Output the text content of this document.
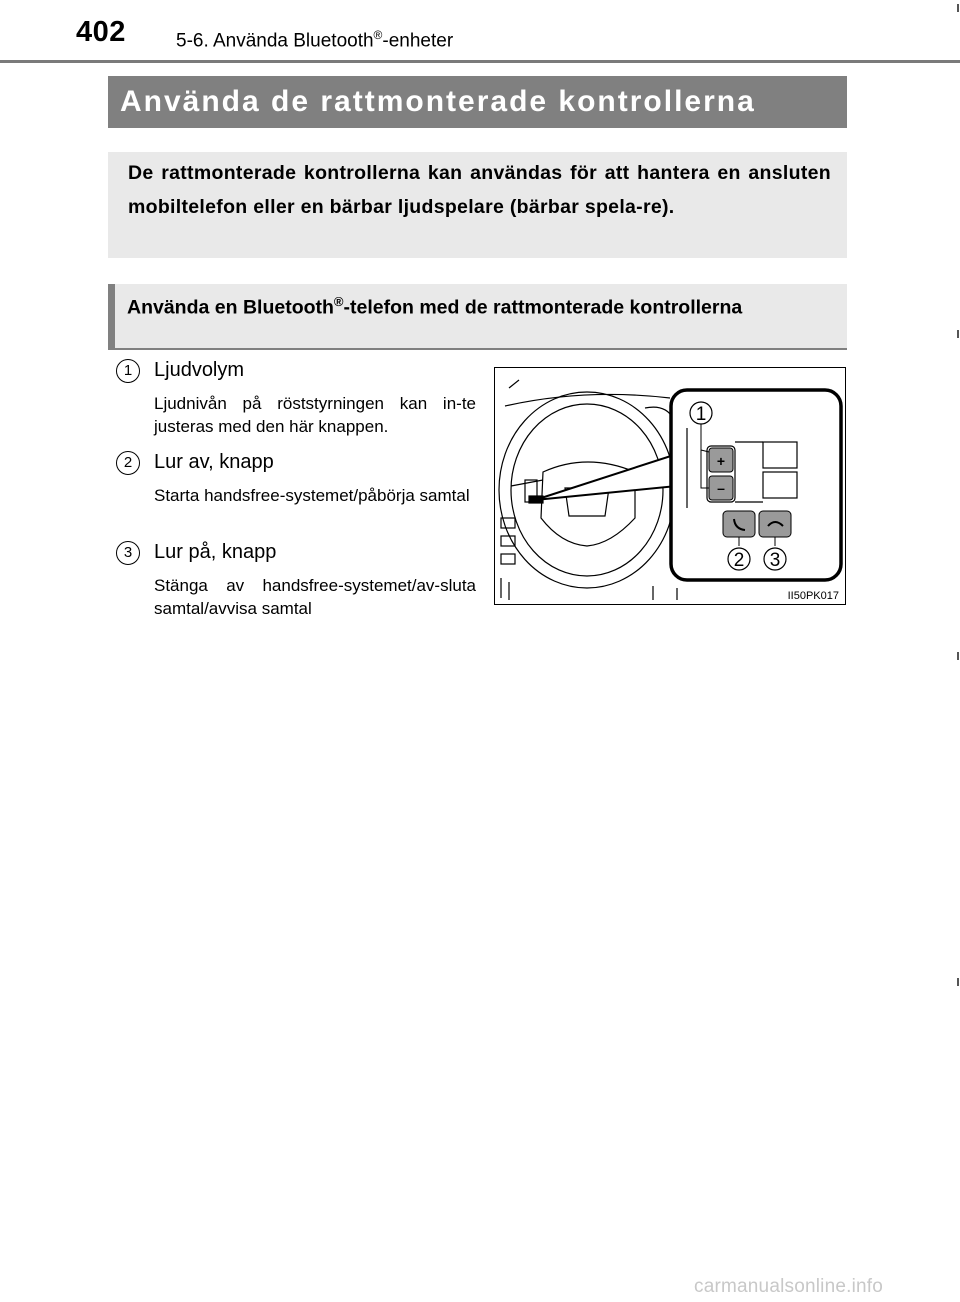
402	5-6. Använda Bluetooth®-enheter
Använda de rattmonterade kontrollerna
De rattmonterade kontrollerna kan användas för att hantera en ansluten mobiltelefon eller en bärbar ljudspelare (bärbar spela-re).

Använda en Bluetooth®-telefon med de rattmonterade kontrollerna

1	Ljudvolym
Ljudnivån på röststyrningen kan in-te justeras med den här knappen.
2	Lur av, knapp
Starta handsfree-systemet/påbörja samtal
3	Lur på, knapp
Stänga av handsfree-systemet/av-sluta samtal/avvisa samtal
+
–
1
2 3
II50PK017
carmanualsonline.info
